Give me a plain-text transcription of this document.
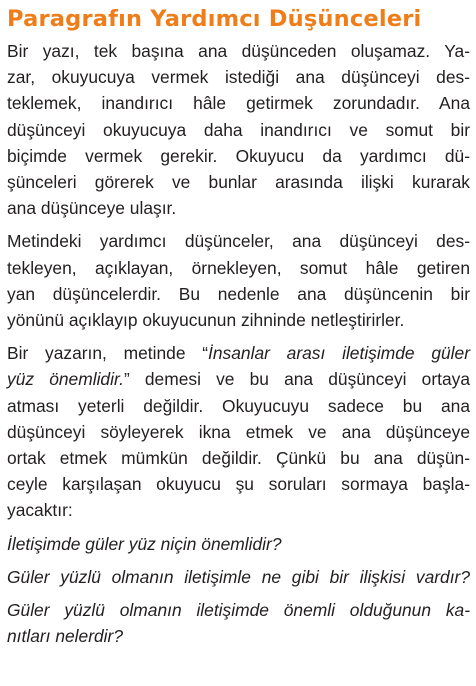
Paragrafın Yardımcı Düşünceleri
Bir yazı, tek başına ana düşünceden oluşamaz. Ya-
zar, okuyucuya vermek istediği ana düşünceyi des-
teklemek, inandırıcı hâle getirmek zorundadır. Ana
düşünceyi okuyucuya daha inandırıcı ve somut bir
biçimde vermek gerekir. Okuyucu da yardımcı dü-
şünceleri görerek ve bunlar arasında ilişki kurarak
ana düşünceye ulaşır.
Metindeki yardımcı düşünceler, ana düşünceyi des-
tekleyen, açıklayan, örnekleyen, somut hâle getiren
yan düşüncelerdir. Bu nedenle ana düşüncenin bir
yönünü açıklayıp okuyucunun zihninde netleştirirler.
Bir yazarın, metinde “İnsanlar arası iletişimde güler
yüz önemlidir.” demesi ve bu ana düşünceyi ortaya
atması yeterli değildir. Okuyucuyu sadece bu ana
düşünceyi söyleyerek ikna etmek ve ana düşünceye
ortak etmek mümkün değildir. Çünkü bu ana düşün-
ceyle karşılaşan okuyucu şu soruları sormaya başla-
yacaktır:
İletişimde güler yüz niçin önemlidir?
Güler yüzlü olmanın iletişimle ne gibi bir ilişkisi vardır?
Güler yüzlü olmanın iletişimde önemli olduğunun ka-
nıtları nelerdir?
